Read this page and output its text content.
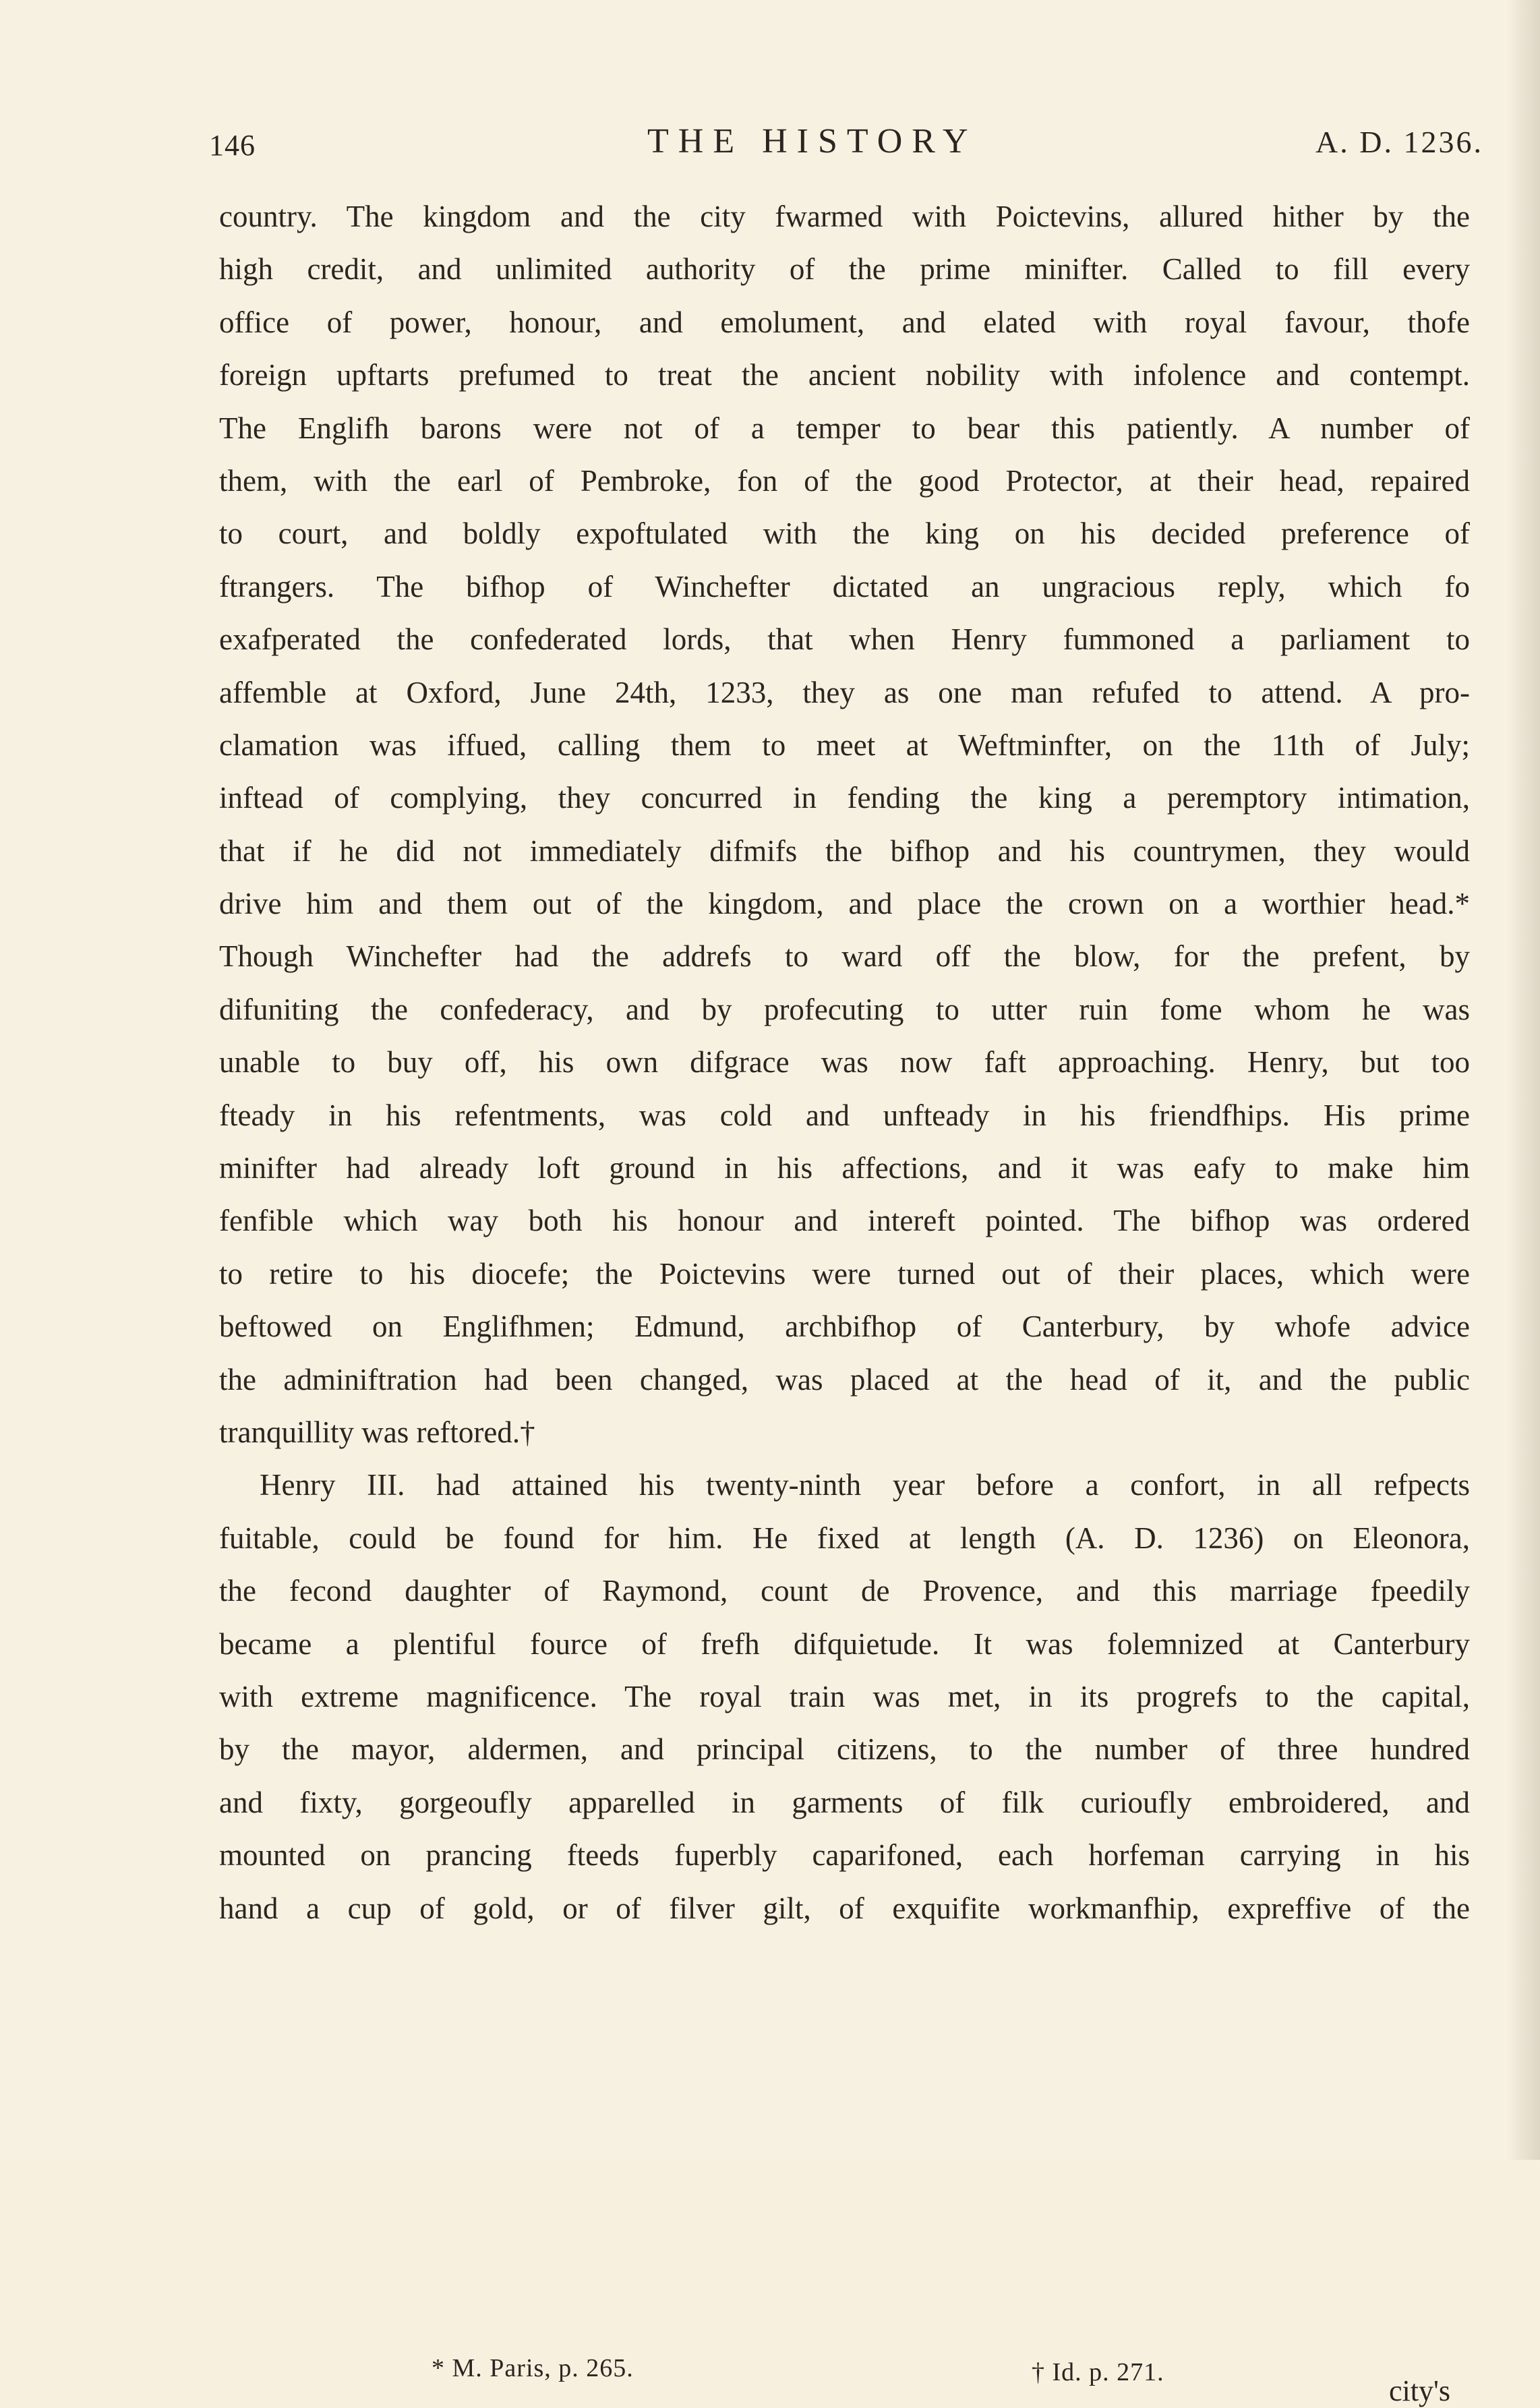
146	THE HISTORY	A. D. 1236.
country. The kingdom and the city fwarmed with Poictevins, allured hither by the
high credit, and unlimited authority of the prime minifter. Called to fill every
office of power, honour, and emolument, and elated with royal favour, thofe
foreign upftarts prefumed to treat the ancient nobility with infolence and contempt.
The Englifh barons were not of a temper to bear this patiently. A number of
them, with the earl of Pembroke, fon of the good Protector, at their head, repaired
to court, and boldly expoftulated with the king on his decided preference of
ftrangers. The bifhop of Winchefter dictated an ungracious reply, which fo
exafperated the confederated lords, that when Henry fummoned a parliament to
affemble at Oxford, June 24th, 1233, they as one man refufed to attend. A pro-
clamation was iffued, calling them to meet at Weftminfter, on the 11th of July;
inftead of complying, they concurred in fending the king a peremptory intimation,
that if he did not immediately difmifs the bifhop and his countrymen, they would
drive him and them out of the kingdom, and place the crown on a worthier head.*
Though Winchefter had the addrefs to ward off the blow, for the prefent, by
difuniting the confederacy, and by profecuting to utter ruin fome whom he was
unable to buy off, his own difgrace was now faft approaching. Henry, but too
fteady in his refentments, was cold and unfteady in his friendfhips. His prime
minifter had already loft ground in his affections, and it was eafy to make him
fenfible which way both his honour and intereft pointed. The bifhop was ordered
to retire to his diocefe; the Poictevins were turned out of their places, which were
beftowed on Englifhmen; Edmund, archbifhop of Canterbury, by whofe advice
the adminiftration had been changed, was placed at the head of it, and the public
tranquillity was reftored.†
Henry III. had attained his twenty-ninth year before a confort, in all refpects
fuitable, could be found for him. He fixed at length (A. D. 1236) on Eleonora,
the fecond daughter of Raymond, count de Provence, and this marriage fpeedily
became a plentiful fource of frefh difquietude. It was folemnized at Canterbury
with extreme magnificence. The royal train was met, in its progrefs to the capital,
by the mayor, aldermen, and principal citizens, to the number of three hundred
and fixty, gorgeoufly apparelled in garments of filk curioufly embroidered, and
mounted on prancing fteeds fuperbly caparifoned, each horfeman carrying in his
hand a cup of gold, or of filver gilt, of exquifite workmanfhip, expreffive of the
* M. Paris, p. 265.	† Id. p. 271.
city's
